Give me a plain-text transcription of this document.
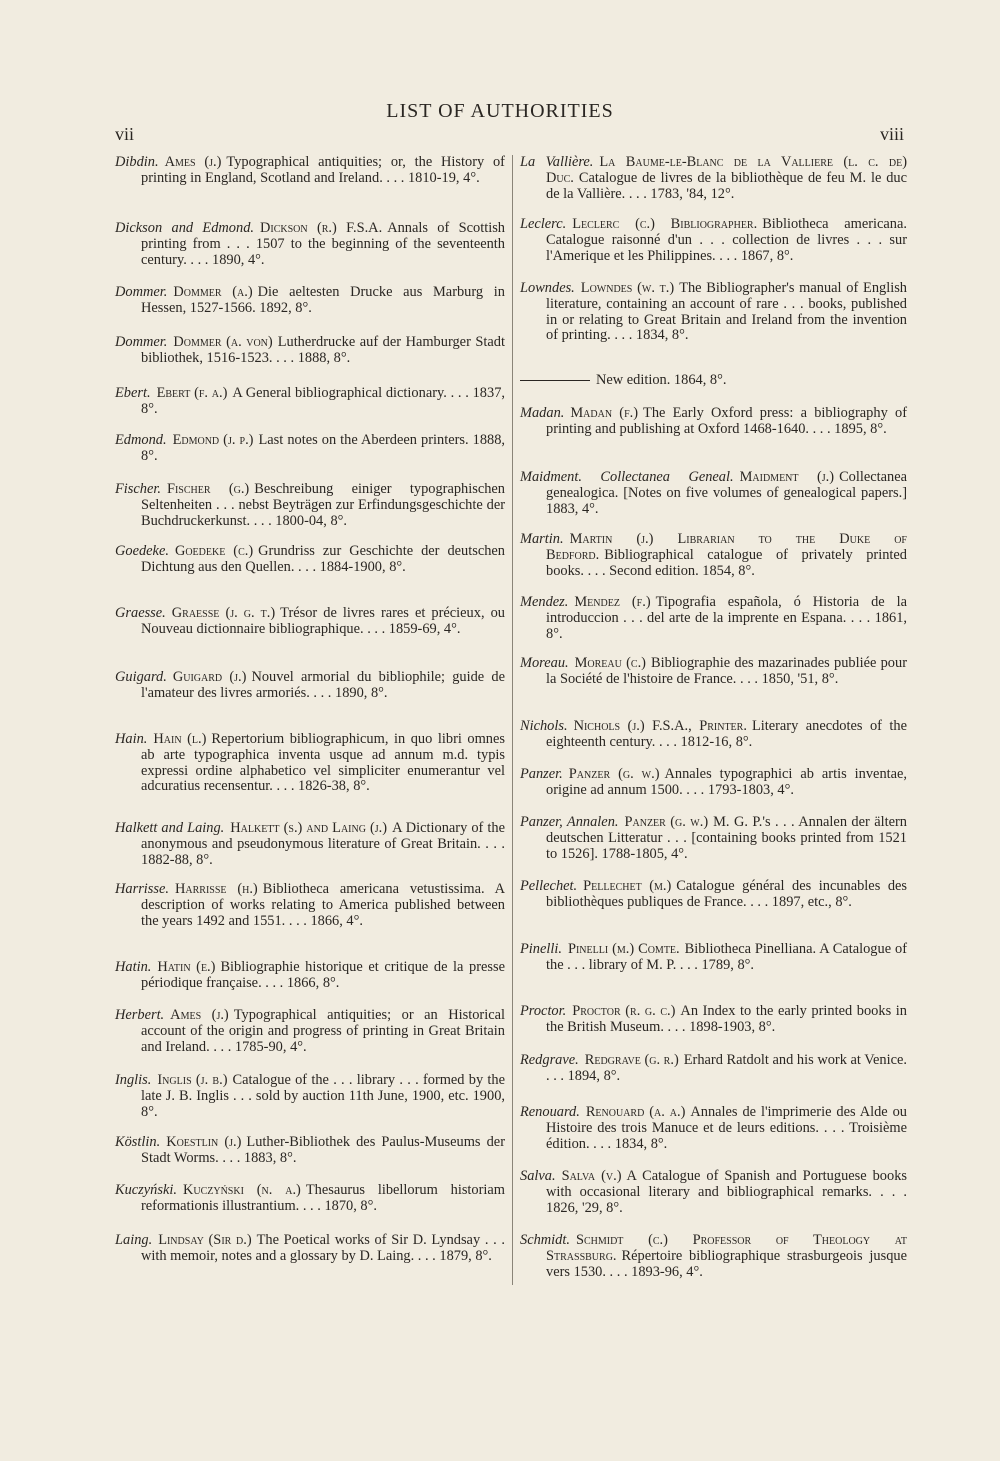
LIST OF AUTHORITIES
vii	viii
Dibdin. Ames (j.) Typographical antiquities; or, the History of printing in England, Scotland and Ireland. . . . 1810-19, 4°.
Dickson and Edmond. Dickson (r.) F.S.A. Annals of Scottish printing from . . . 1507 to the beginning of the seventeenth century. . . . 1890, 4°.
Dommer. Dommer (a.) Die aeltesten Drucke aus Marburg in Hessen, 1527-1566. 1892, 8°.
Dommer. Dommer (a. von) Lutherdrucke auf der Hamburger Stadt bibliothek, 1516-1523. . . . 1888, 8°.
Ebert. Ebert (f. a.) A General bibliographical dictionary. . . . 1837, 8°.
Edmond. Edmond (j. p.) Last notes on the Aberdeen printers. 1888, 8°.
Fischer. Fischer (g.) Beschreibung einiger typographischen Seltenheiten . . . nebst Beyträgen zur Erfindungsgeschichte der Buchdruckerkunst. . . . 1800-04, 8°.
Goedeke. Goedeke (c.) Grundriss zur Geschichte der deutschen Dichtung aus den Quellen. . . . 1884-1900, 8°.
Graesse. Graesse (j. g. t.) Trésor de livres rares et précieux, ou Nouveau dictionnaire bibliographique. . . . 1859-69, 4°.
Guigard. Guigard (j.) Nouvel armorial du bibliophile; guide de l'amateur des livres armoriés. . . . 1890, 8°.
Hain. Hain (l.) Repertorium bibliographicum, in quo libri omnes ab arte typographica inventa usque ad annum m.d. typis expressi ordine alphabetico vel simpliciter enumerantur vel adcuratius recensentur. . . . 1826-38, 8°.
Halkett and Laing. Halkett (s.) and Laing (j.) A Dictionary of the anonymous and pseudonymous literature of Great Britain. . . . 1882-88, 8°.
Harrisse. Harrisse (h.) Bibliotheca americana vetustissima. A description of works relating to America published between the years 1492 and 1551. . . . 1866, 4°.
Hatin. Hatin (e.) Bibliographie historique et critique de la presse périodique française. . . . 1866, 8°.
Herbert. Ames (j.) Typographical antiquities; or an Historical account of the origin and progress of printing in Great Britain and Ireland. . . . 1785-90, 4°.
Inglis. Inglis (j. b.) Catalogue of the . . . library . . . formed by the late J. B. Inglis . . . sold by auction 11th June, 1900, etc. 1900, 8°.
Köstlin. Koestlin (j.) Luther-Bibliothek des Paulus-Museums der Stadt Worms. . . . 1883, 8°.
Kuczyński. Kuczyński (n. a.) Thesaurus libellorum historiam reformationis illustrantium. . . . 1870, 8°.
Laing. Lindsay (Sir d.) The Poetical works of Sir D. Lyndsay . . . with memoir, notes and a glossary by D. Laing. . . . 1879, 8°.
La Vallière. La Baume-le-Blanc de la Valliere (l. c. de) Duc. Catalogue de livres de la bibliothèque de feu M. le duc de la Vallière. . . . 1783, '84, 12°.
Leclerc. Leclerc (c.) Bibliographer. Bibliotheca americana. Catalogue raisonné d'un . . . collection de livres . . . sur l'Amerique et les Philippines. . . . 1867, 8°.
Lowndes. Lowndes (w. t.) The Bibliographer's manual of English literature, containing an account of rare . . . books, published in or relating to Great Britain and Ireland from the invention of printing. . . . 1834, 8°.
New edition. 1864, 8°.
Madan. Madan (f.) The Early Oxford press: a bibliography of printing and publishing at Oxford 1468-1640. . . . 1895, 8°.
Maidment. Collectanea Geneal. Maidment (j.) Collectanea genealogica. [Notes on five volumes of genealogical papers.] 1883, 4°.
Martin. Martin (j.) Librarian to the Duke of Bedford. Bibliographical catalogue of privately printed books. . . . Second edition. 1854, 8°.
Mendez. Mendez (f.) Tipografia española, ó Historia de la introduccion . . . del arte de la imprente en Espana. . . . 1861, 8°.
Moreau. Moreau (c.) Bibliographie des mazarinades publiée pour la Société de l'histoire de France. . . . 1850, '51, 8°.
Nichols. Nichols (j.) F.S.A., Printer. Literary anecdotes of the eighteenth century. . . . 1812-16, 8°.
Panzer. Panzer (g. w.) Annales typographici ab artis inventae, origine ad annum 1500. . . . 1793-1803, 4°.
Panzer, Annalen. Panzer (g. w.) M. G. P.'s . . . Annalen der ältern deutschen Litteratur . . . [containing books printed from 1521 to 1526]. 1788-1805, 4°.
Pellechet. Pellechet (m.) Catalogue général des incunables des bibliothèques publiques de France. . . . 1897, etc., 8°.
Pinelli. Pinelli (m.) Comte. Bibliotheca Pinelliana. A Catalogue of the . . . library of M. P. . . . 1789, 8°.
Proctor. Proctor (r. g. c.) An Index to the early printed books in the British Museum. . . . 1898-1903, 8°.
Redgrave. Redgrave (g. r.) Erhard Ratdolt and his work at Venice. . . . 1894, 8°.
Renouard. Renouard (a. a.) Annales de l'imprimerie des Alde ou Histoire des trois Manuce et de leurs editions. . . . Troisième édition. . . . 1834, 8°.
Salva. Salva (v.) A Catalogue of Spanish and Portuguese books with occasional literary and bibliographical remarks. . . . 1826, '29, 8°.
Schmidt. Schmidt (c.) Professor of Theology at Strassburg. Répertoire bibliographique strasburgeois jusque vers 1530. . . . 1893-96, 4°.
